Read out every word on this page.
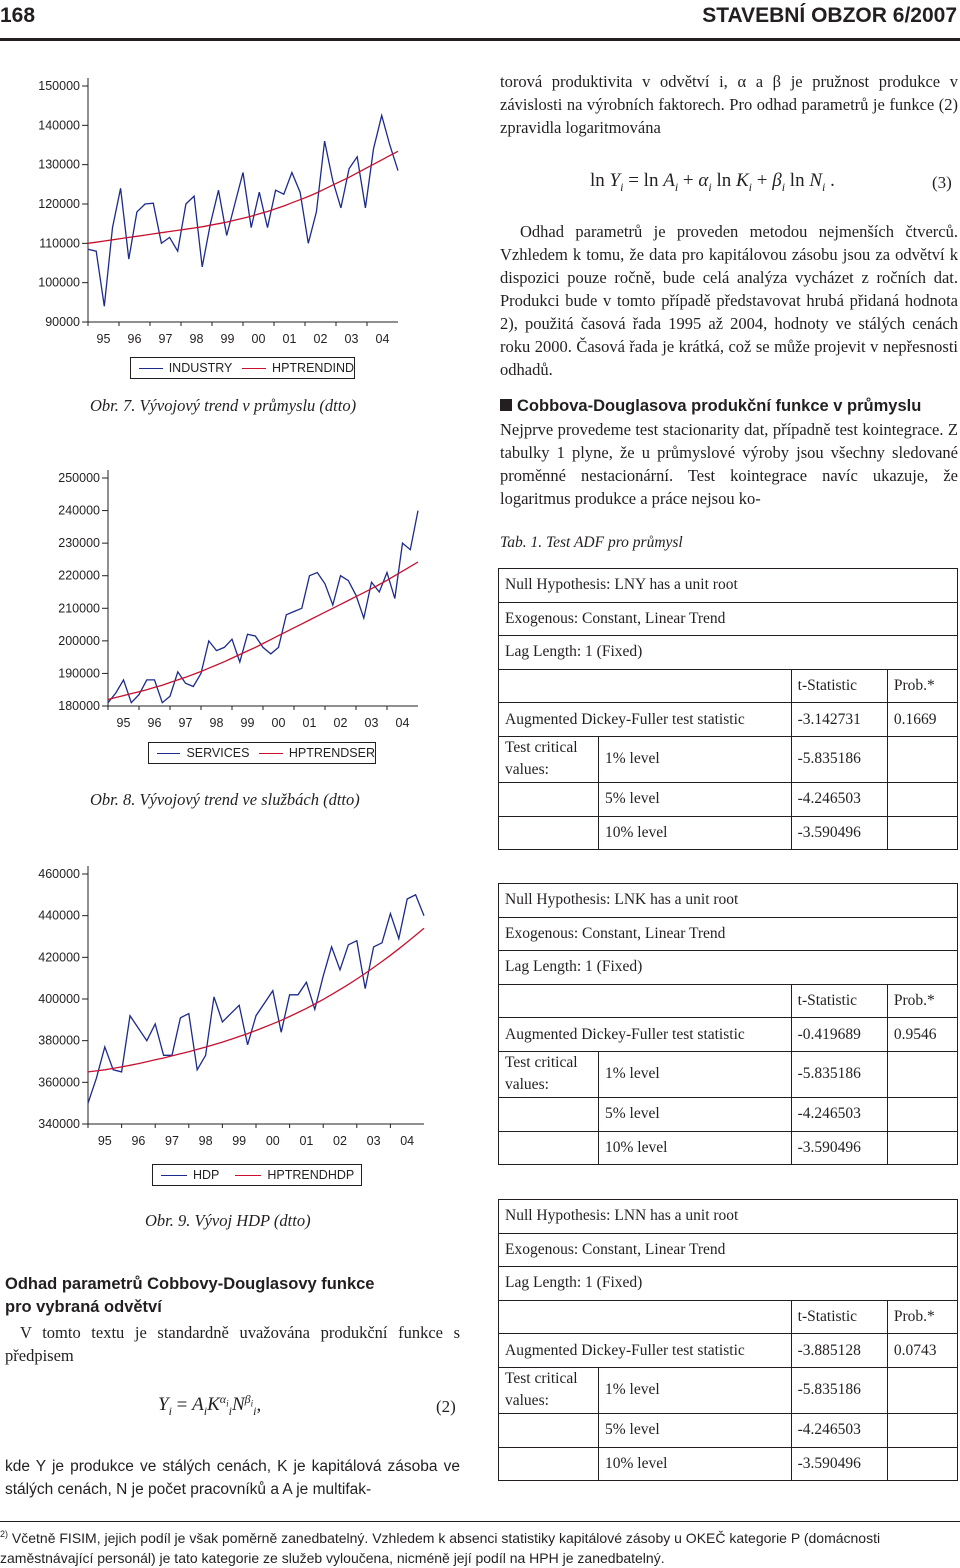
168	STAVEBNÍ OBZOR 6/2007
90000
100000
110000
120000
130000
140000
150000
95 96 97 98 99 00 01 02 03 04
INDUSTRY	HPTRENDIND
Obr. 7. Vývojový trend v průmyslu (dtto)
180000
190000
200000
210000
220000
230000
240000
250000
95 96 97 98 99 00 01 02 03 04
SERVICES	HPTRENDSER
Obr. 8. Vývojový trend ve službách (dtto)
340000
360000
380000
400000
420000
440000
460000
95 96 97 98 99 00 01 02 03 04
HDP	HPTRENDHDP
Obr. 9. Vývoj HDP (dtto)
Odhad parametrů Cobbovy-Douglasovy funkce pro vybraná odvětví
V tomto textu je standardně uvažována produkční funkce s předpisem
$Y_i = A_iK^{\alpha_i}_iN^{\beta_i}_i$,	(2)
kde Y je produkce ve stálých cenách, K je kapitálová zásoba ve stálých cenách, N je počet pracovníků a A je multifak-
torová produktivita v odvětví i, α a β je pružnost produkce v závislosti na výrobních faktorech. Pro odhad parametrů je funkce (2) zpravidla logaritmována
$\ln Y_i = \ln A_i + \alpha_i$ $\ln K_i + \beta_i$ $\ln N_i$ .	(3)
Odhad parametrů je proveden metodou nejmenších čtverců. Vzhledem k tomu, že data pro kapitálovou zásobu jsou za odvětví k dispozici pouze ročně, bude celá analýza vycházet z ročních dat. Produkci bude v tomto případě představovat hrubá přidaná hodnota 2), použitá časová řada 1995 až 2004, hodnoty ve stálých cenách roku 2000. Časová řada je krátká, což se může projevit v nepřesnosti odhadů.
Cobbova-Douglasova produkční funkce v průmyslu
Nejprve provedeme test stacionarity dat, případně test kointegrace. Z tabulky 1 plyne, že u průmyslové výroby jsou všechny sledované proměnné nestacionární. Test kointegrace navíc ukazuje, že logaritmus produkce a práce nejsou ko-
Tab. 1. Test ADF pro průmysl
Null Hypothesis: LNY has a unit root			
Exogenous: Constant, Linear Trend			
Lag Length: 1 (Fixed)			
		t-Statistic	Prob.*
Augmented Dickey-Fuller test statistic		-3.142731	0.1669
Test critical values:	1% level	-5.835186	
	5% level	-4.246503	
	10% level	-3.590496	
Null Hypothesis: LNK has a unit root			
Exogenous: Constant, Linear Trend			
Lag Length: 1 (Fixed)			
		t-Statistic	Prob.*
Augmented Dickey-Fuller test statistic		-0.419689	0.9546
Test critical values:	1% level	-5.835186	
	5% level	-4.246503	
	10% level	-3.590496	
Null Hypothesis: LNN has a unit root			
Exogenous: Constant, Linear Trend			
Lag Length: 1 (Fixed)			
		t-Statistic	Prob.*
Augmented Dickey-Fuller test statistic		-3.885128	0.0743
Test critical values:	1% level	-5.835186	
	5% level	-4.246503	
	10% level	-3.590496	
$^{2)}$ Včetně FISIM, jejich podíl je však poměrně zanedbatelný. Vzhledem k absenci statistiky kapitálové zásoby u OKEČ kategorie P (domácnosti zaměstnávající personál) je tato kategorie ze služeb vyloučena, nicméně její podíl na HPH je zanedbatelný.
